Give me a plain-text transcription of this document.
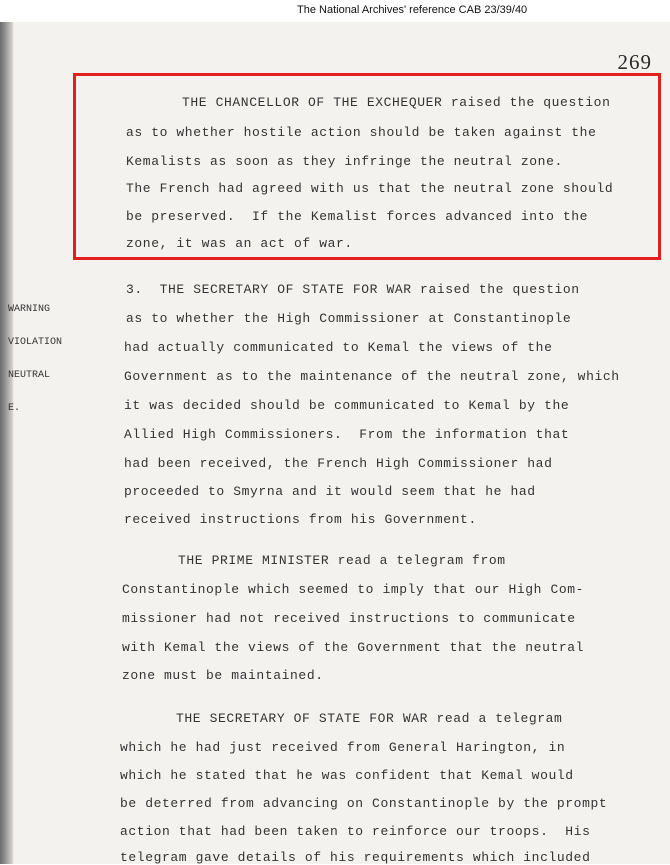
The National Archives' reference CAB 23/39/40
269

WARNING

VIOLATION

NEUTRAL

E.

THE CHANCELLOR OF THE EXCHEQUER raised the question
as to whether hostile action should be taken against the
Kemalists as soon as they infringe the neutral zone.
The French had agreed with us that the neutral zone should
be preserved.  If the Kemalist forces advanced into the
zone, it was an act of war.
3.  THE SECRETARY OF STATE FOR WAR raised the question
as to whether the High Commissioner at Constantinople
had actually communicated to Kemal the views of the
Government as to the maintenance of the neutral zone, which
it was decided should be communicated to Kemal by the
Allied High Commissioners.  From the information that
had been received, the French High Commissioner had
proceeded to Smyrna and it would seem that he had
received instructions from his Government.
THE PRIME MINISTER read a telegram from
Constantinople which seemed to imply that our High Com-
missioner had not received instructions to communicate
with Kemal the views of the Government that the neutral
zone must be maintained.
THE SECRETARY OF STATE FOR WAR read a telegram
which he had just received from General Harington, in
which he stated that he was confident that Kemal would
be deterred from advancing on Constantinople by the prompt
action that had been taken to reinforce our troops.  His
telegram gave details of his requirements which included
